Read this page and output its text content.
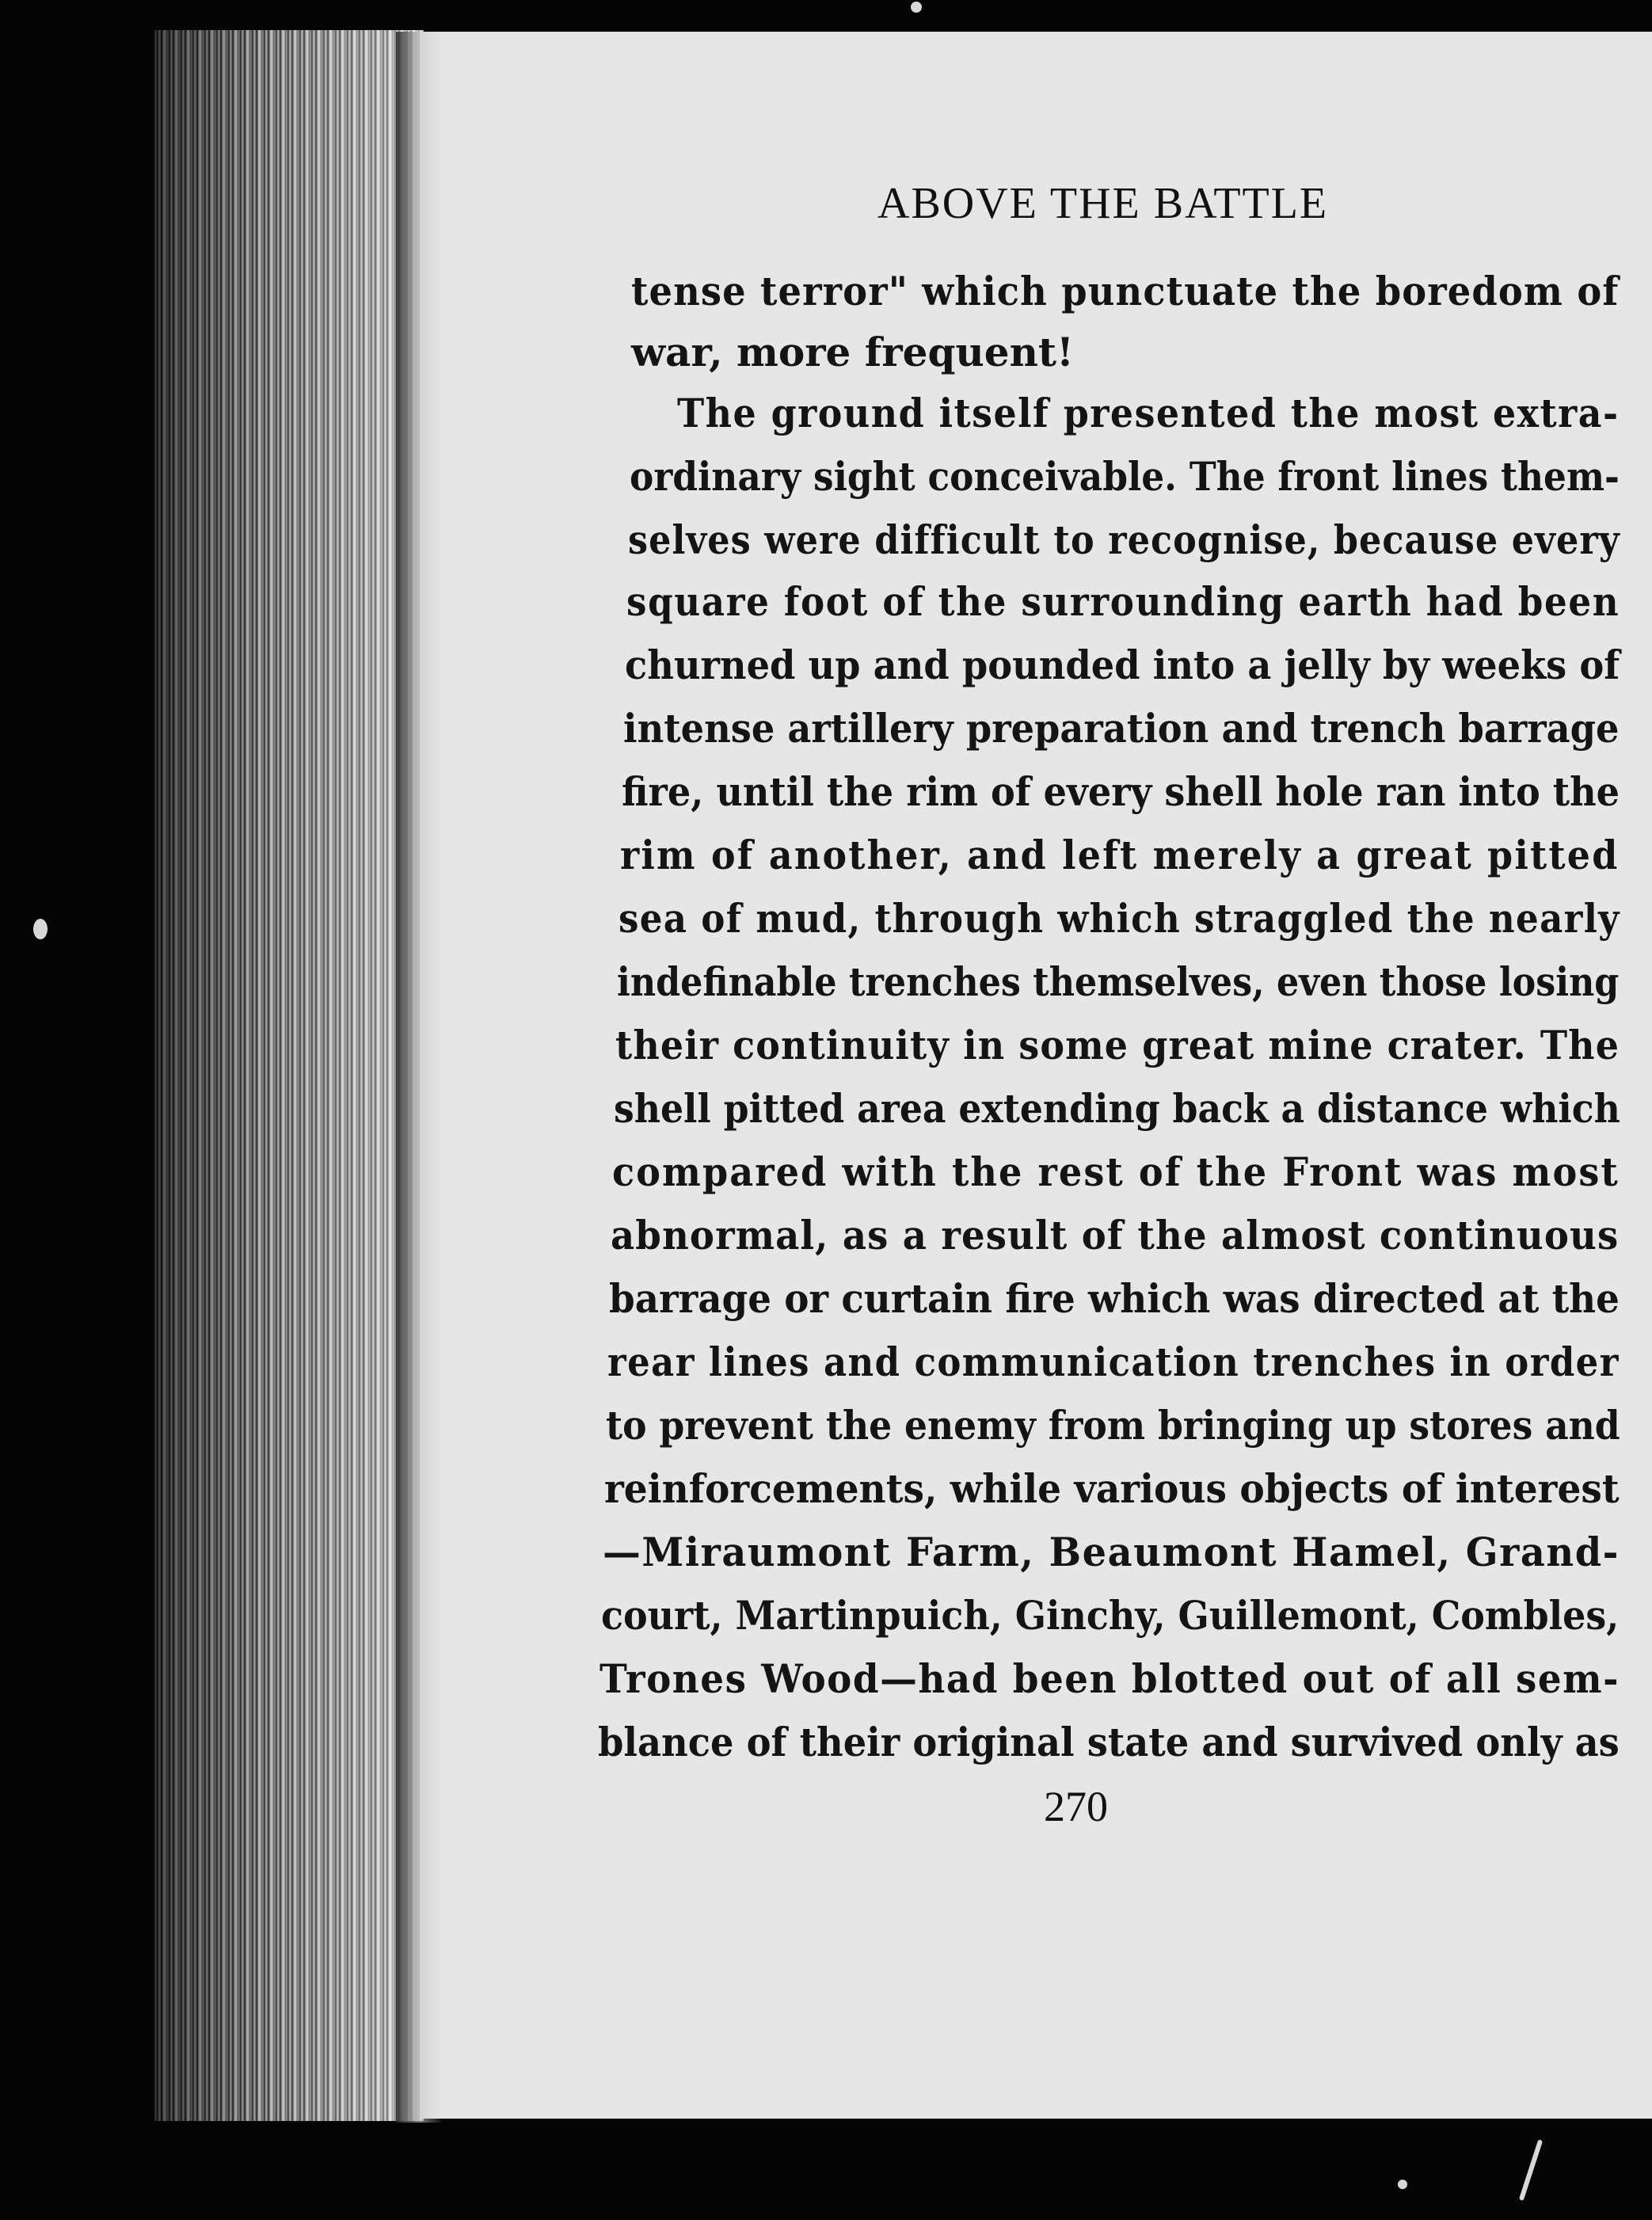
ABOVE THE BATTLE
tense terror" which punctuate the boredom of
war, more frequent!
The ground itself presented the most extra-
ordinary sight conceivable. The front lines them-
selves were difficult to recognise, because every
square foot of the surrounding earth had been
churned up and pounded into a jelly by weeks of
intense artillery preparation and trench barrage
fire, until the rim of every shell hole ran into the
rim of another, and left merely a great pitted
sea of mud, through which straggled the nearly
indefinable trenches themselves, even those losing
their continuity in some great mine crater. The
shell pitted area extending back a distance which
compared with the rest of the Front was most
abnormal, as a result of the almost continuous
barrage or curtain fire which was directed at the
rear lines and communication trenches in order
to prevent the enemy from bringing up stores and
reinforcements, while various objects of interest
—Miraumont Farm, Beaumont Hamel, Grand-
court, Martinpuich, Ginchy, Guillemont, Combles,
Trones Wood—had been blotted out of all sem-
blance of their original state and survived only as
270
